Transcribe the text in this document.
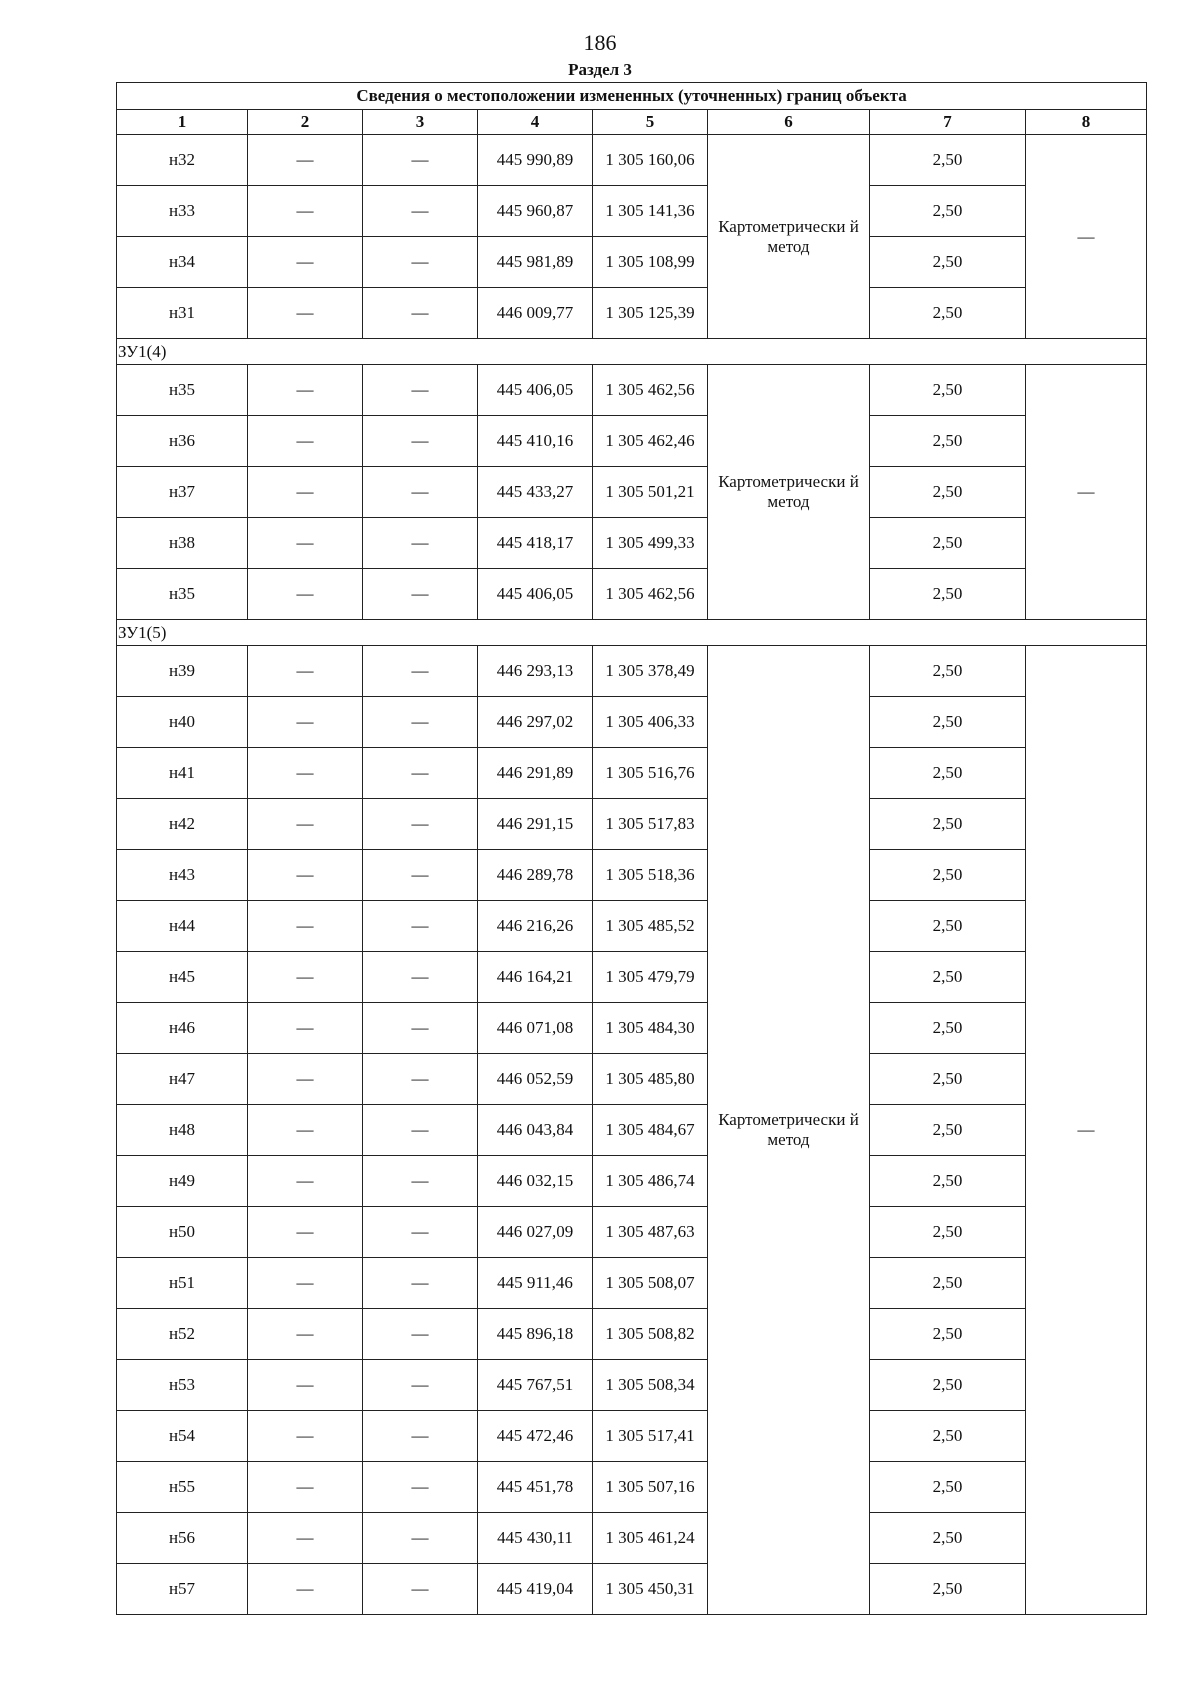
186
Раздел 3
Сведения о местоположении измененных (уточненных) границ объекта							
1	2	3	4	5	6	7	8
н32	—	—	445 990,89	1 305 160,06	Картометрически й метод	2,50	—
н33	—	—	445 960,87	1 305 141,36		2,50	
н34	—	—	445 981,89	1 305 108,99		2,50	
н31	—	—	446 009,77	1 305 125,39		2,50	
ЗУ1(4)							
н35	—	—	445 406,05	1 305 462,56	Картометрически й метод	2,50	—
н36	—	—	445 410,16	1 305 462,46		2,50	
н37	—	—	445 433,27	1 305 501,21		2,50	
н38	—	—	445 418,17	1 305 499,33		2,50	
н35	—	—	445 406,05	1 305 462,56		2,50	
ЗУ1(5)							
н39	—	—	446 293,13	1 305 378,49	Картометрически й метод	2,50	—
н40	—	—	446 297,02	1 305 406,33		2,50	
н41	—	—	446 291,89	1 305 516,76		2,50	
н42	—	—	446 291,15	1 305 517,83		2,50	
н43	—	—	446 289,78	1 305 518,36		2,50	
н44	—	—	446 216,26	1 305 485,52		2,50	
н45	—	—	446 164,21	1 305 479,79		2,50	
н46	—	—	446 071,08	1 305 484,30		2,50	
н47	—	—	446 052,59	1 305 485,80		2,50	
н48	—	—	446 043,84	1 305 484,67		2,50	
н49	—	—	446 032,15	1 305 486,74		2,50	
н50	—	—	446 027,09	1 305 487,63		2,50	
н51	—	—	445 911,46	1 305 508,07		2,50	
н52	—	—	445 896,18	1 305 508,82		2,50	
н53	—	—	445 767,51	1 305 508,34		2,50	
н54	—	—	445 472,46	1 305 517,41		2,50	
н55	—	—	445 451,78	1 305 507,16		2,50	
н56	—	—	445 430,11	1 305 461,24		2,50	
н57	—	—	445 419,04	1 305 450,31		2,50	
